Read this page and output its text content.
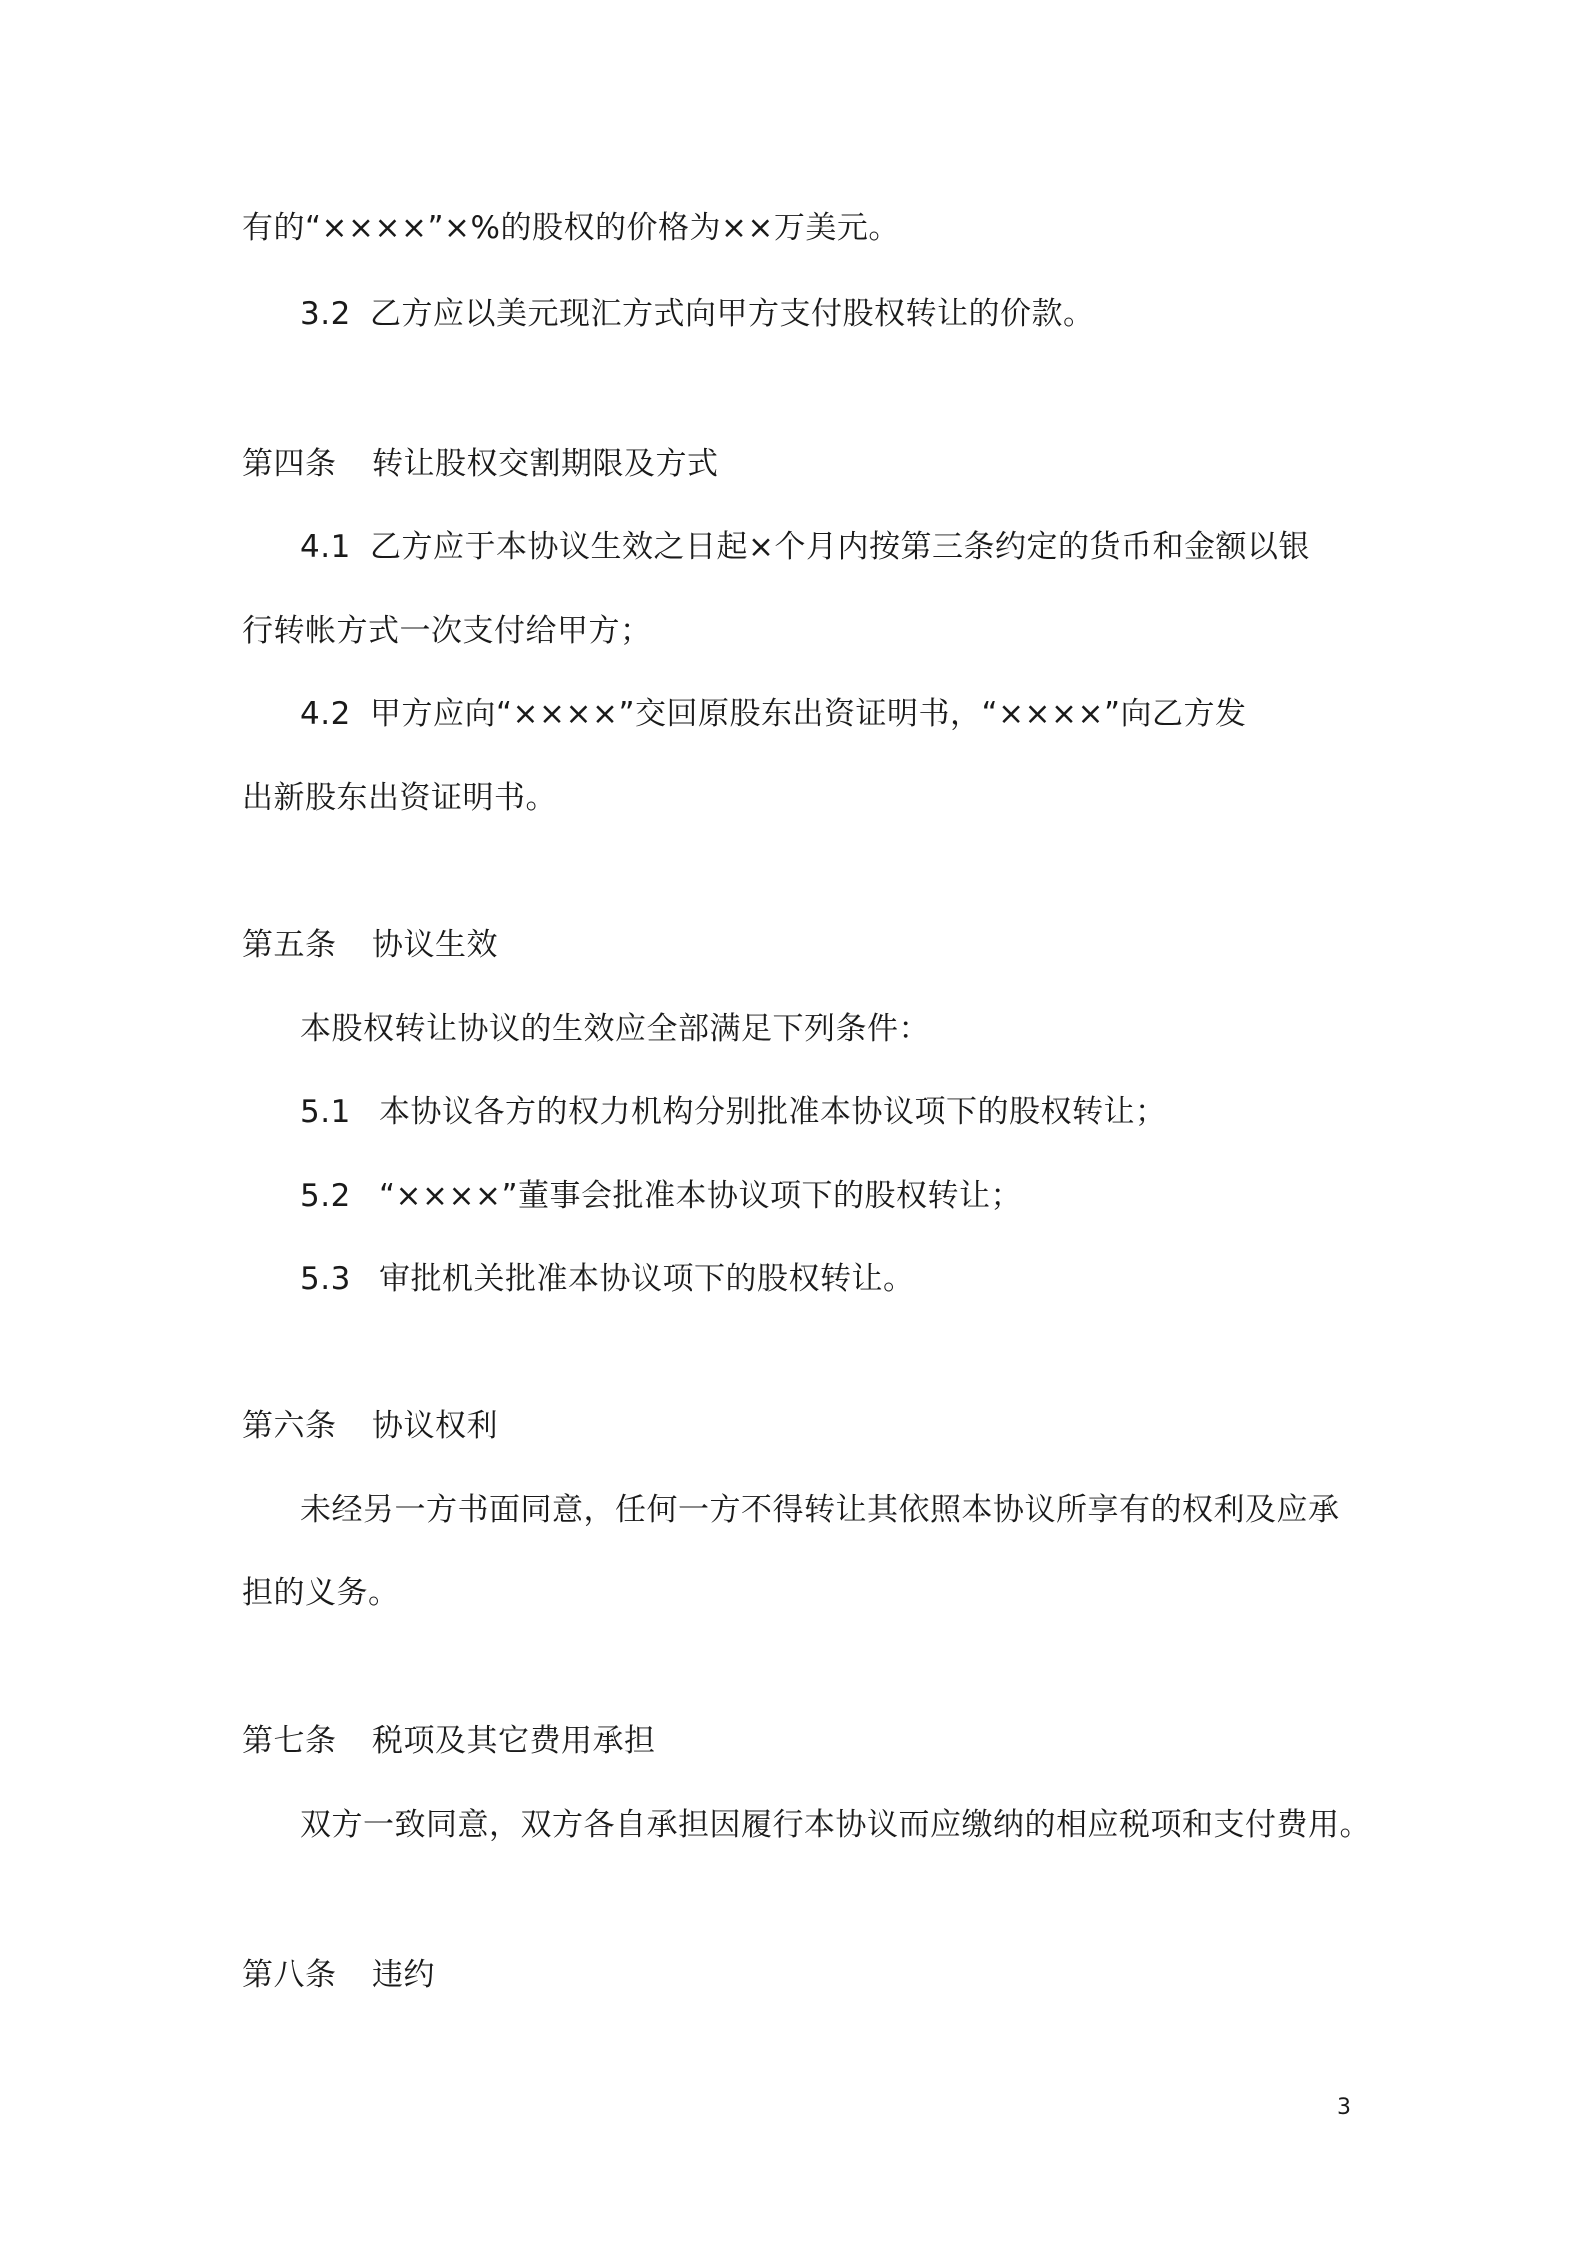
有的“××××”×%的股权的价格为××万美元。
3.2 乙方应以美元现汇方式向甲方支付股权转让的价款。
第四条 转让股权交割期限及方式
4.1 乙方应于本协议生效之日起×个月内按第三条约定的货币和金额以银
行转帐方式一次支付给甲方；
4.2 甲方应向“××××”交回原股东出资证明书，“××××”向乙方发
出新股东出资证明书。
第五条 协议生效
本股权转让协议的生效应全部满足下列条件：
5.1 本协议各方的权力机构分别批准本协议项下的股权转让；
5.2 “××××”董事会批准本协议项下的股权转让；
5.3 审批机关批准本协议项下的股权转让。
第六条 协议权利
未经另一方书面同意，任何一方不得转让其依照本协议所享有的权利及应承
担的义务。
第七条 税项及其它费用承担
双方一致同意，双方各自承担因履行本协议而应缴纳的相应税项和支付费用。
第八条 违约
3
